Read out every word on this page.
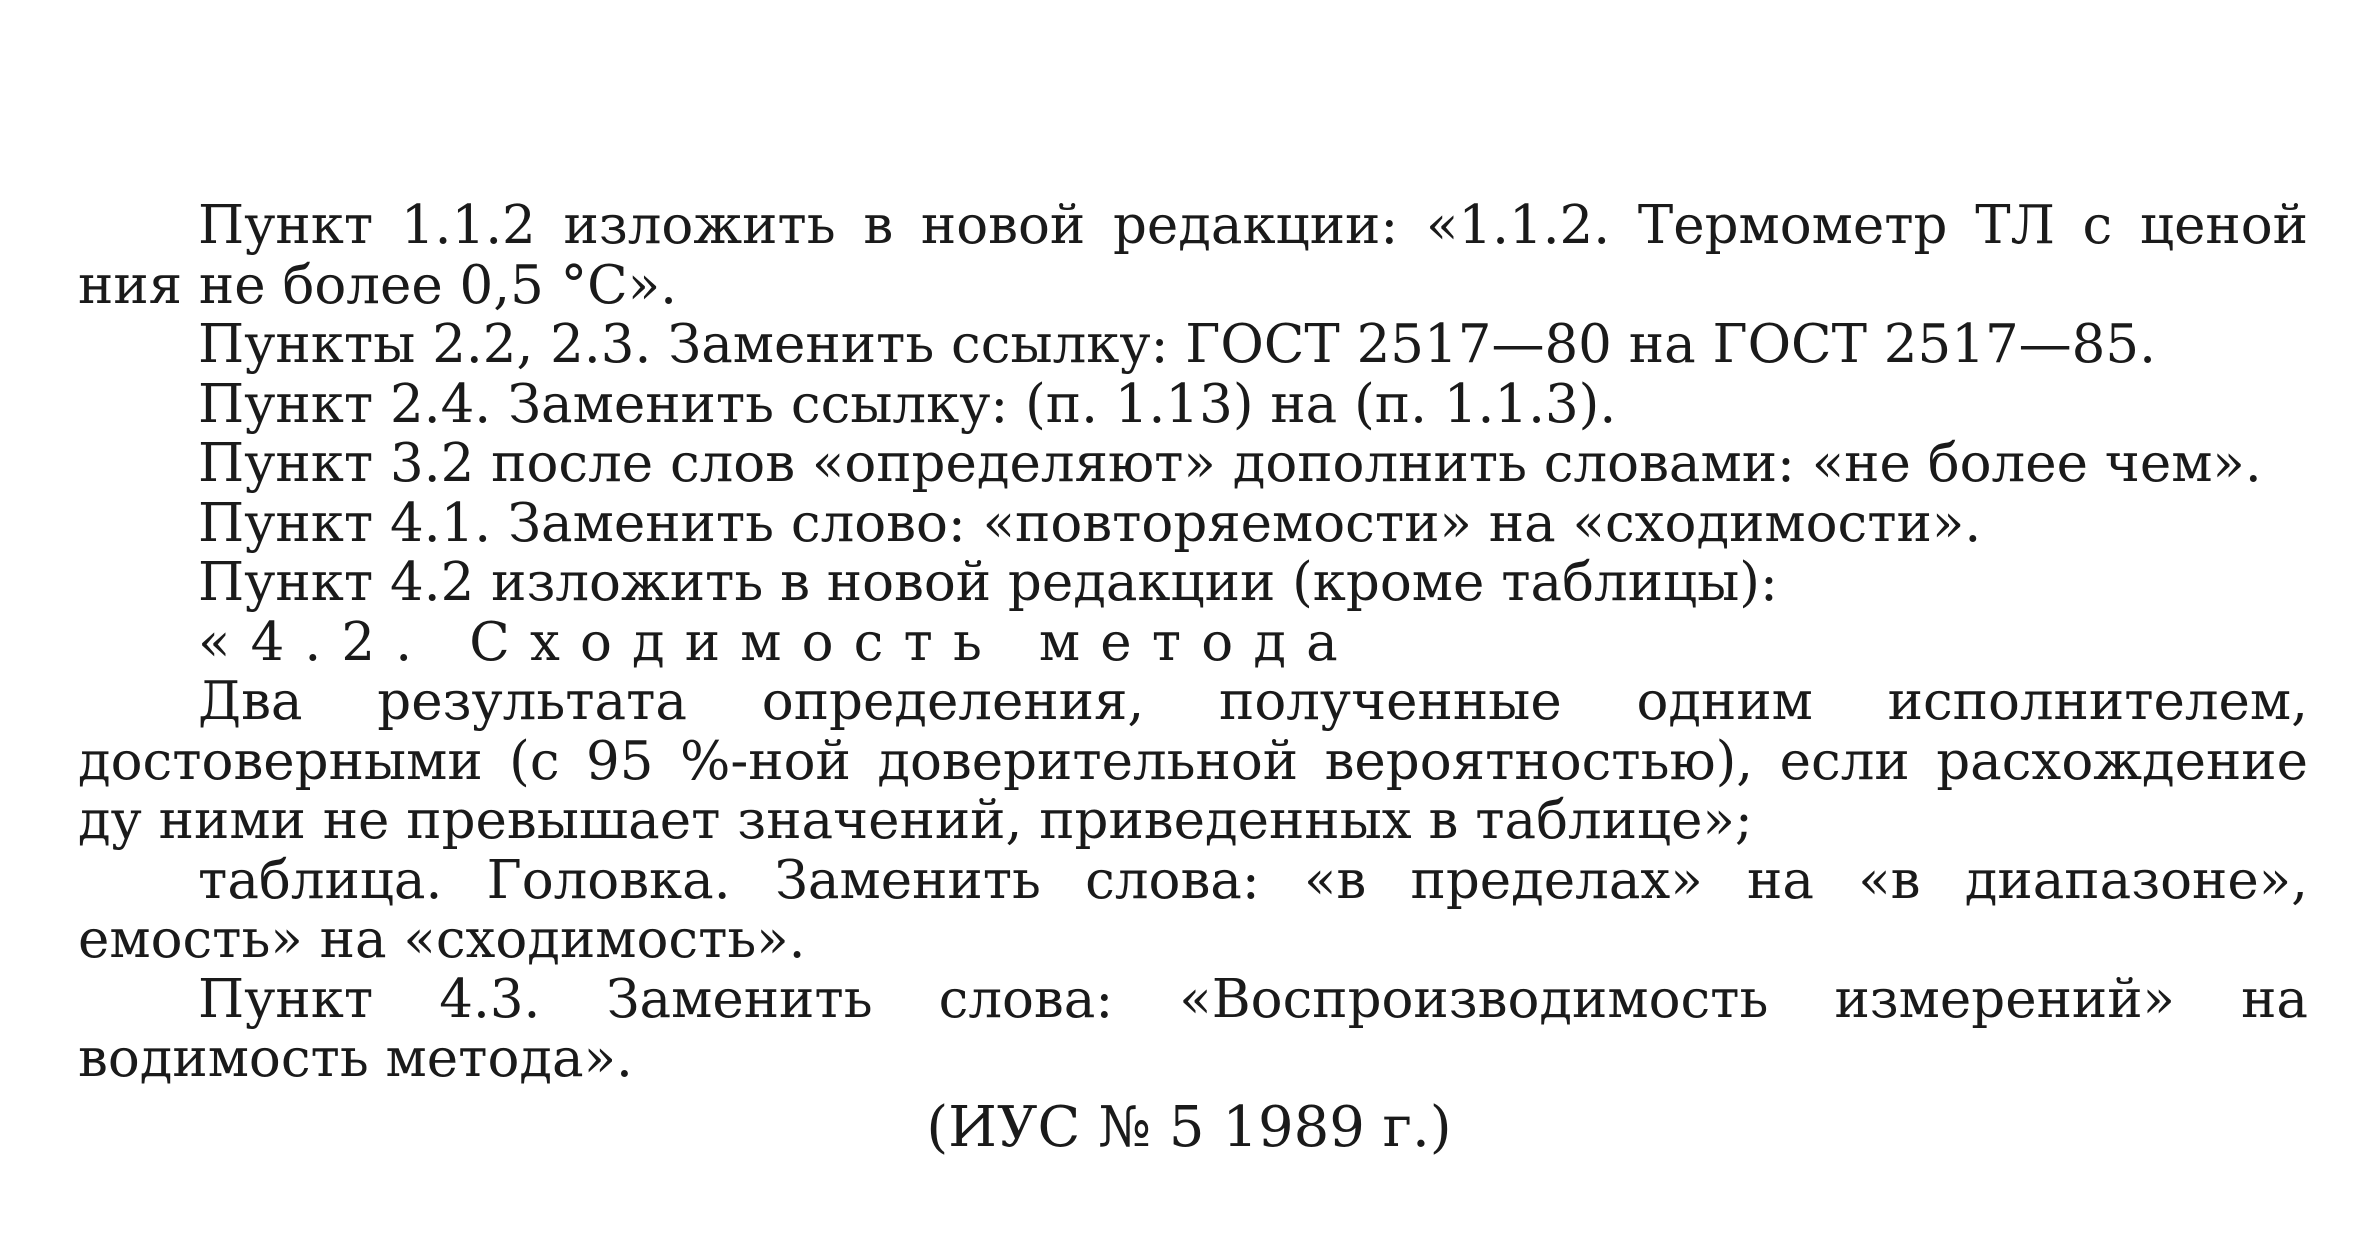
Пункт 1.1.2 изложить в новой редакции: «1.1.2. Термометр ТЛ с ценой
ния не более 0,5 °С».
Пункты 2.2, 2.3. Заменить ссылку: ГОСТ 2517—80 на ГОСТ 2517—85.
Пункт 2.4. Заменить ссылку: (п. 1.13) на (п. 1.1.3).
Пункт 3.2 после слов «определяют» дополнить словами: «не более чем».
Пункт 4.1. Заменить слово: «повторяемости» на «сходимости».
Пункт 4.2 изложить в новой редакции (кроме таблицы):
«4.2. Сходимость метода
Два результата определения, полученные одним исполнителем,
достоверными (с 95 %-ной доверительной вероятностью), если расхождение
ду ними не превышает значений, приведенных в таблице»;
таблица. Головка. Заменить слова: «в пределах» на «в диапазоне»,
емость» на «сходимость».
Пункт 4.3. Заменить слова: «Воспроизводимость измерений» на
водимость метода».
(ИУС № 5 1989 г.)
